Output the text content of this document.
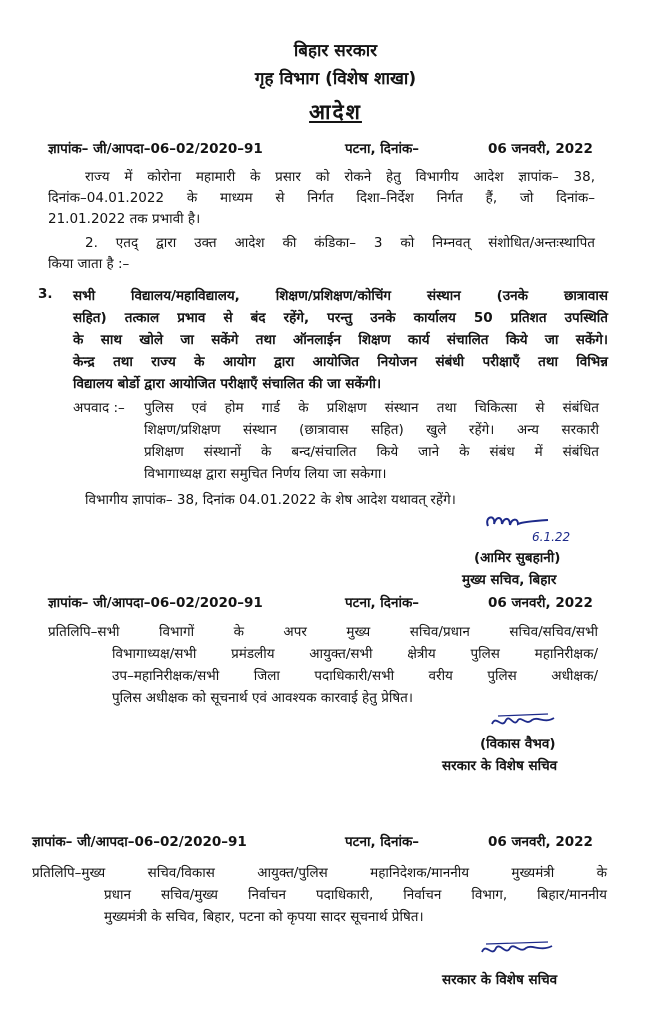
बिहार सरकार
गृह विभाग (विशेष शाखा)
आदेश
ज्ञापांक– जी/आपदा–06–02/2020–91	पटना, दिनांक–	06 जनवरी, 2022
राज्य में कोरोना महामारी के प्रसार को रोकने हेतु विभागीय आदेश ज्ञापांक– 38,
दिनांक–04.01.2022 के माध्यम से निर्गत दिशा–निर्देश निर्गत हैं, जो दिनांक–
21.01.2022 तक प्रभावी है।
2. एतद् द्वारा उक्त आदेश की कंडिका– 3 को निम्नवत् संशोधित/अन्तःस्थापित
किया जाता है :–
3. सभी विद्यालय/महाविद्यालय, शिक्षण/प्रशिक्षण/कोचिंग संस्थान (उनके छात्रावास
सहित) तत्काल प्रभाव से बंद रहेंगे, परन्तु उनके कार्यालय 50 प्रतिशत उपस्थिति
के साथ खोले जा सकेंगे तथा ऑनलाईन शिक्षण कार्य संचालित किये जा सकेंगे।
केन्द्र तथा राज्य के आयोग द्वारा आयोजित नियोजन संबंधी परीक्षाएँ तथा विभिन्न
विद्यालय बोर्डो द्वारा आयोजित परीक्षाएँ संचालित की जा सकेंगी।
अपवाद :– पुलिस एवं होम गार्ड के प्रशिक्षण संस्थान तथा चिकित्सा से संबंधित
शिक्षण/प्रशिक्षण संस्थान (छात्रावास सहित) खुले रहेंगे। अन्य सरकारी
प्रशिक्षण संस्थानों के बन्द/संचालित किये जाने के संबंध में संबंधित
विभागाध्यक्ष द्वारा समुचित निर्णय लिया जा सकेगा।
विभागीय ज्ञापांक– 38, दिनांक 04.01.2022 के शेष आदेश यथावत् रहेंगे।
6.1.22
(आमिर सुबहानी)
मुख्य सचिव, बिहार
ज्ञापांक– जी/आपदा–06–02/2020–91	पटना, दिनांक–	06 जनवरी, 2022
प्रतिलिपि–सभी विभागों के अपर मुख्य सचिव/प्रधान सचिव/सचिव/सभी
विभागाध्यक्ष/सभी प्रमंडलीय आयुक्त/सभी क्षेत्रीय पुलिस महानिरीक्षक/
उप–महानिरीक्षक/सभी जिला पदाधिकारी/सभी वरीय पुलिस अधीक्षक/
पुलिस अधीक्षक को सूचनार्थ एवं आवश्यक कारवाई हेतु प्रेषित।
(विकास वैभव)
सरकार के विशेष सचिव
ज्ञापांक– जी/आपदा–06–02/2020–91	पटना, दिनांक–	06 जनवरी, 2022
प्रतिलिपि–मुख्य सचिव/विकास आयुक्त/पुलिस महानिदेशक/माननीय मुख्यमंत्री के
प्रधान सचिव/मुख्य निर्वाचन पदाधिकारी, निर्वाचन विभाग, बिहार/माननीय
मुख्यमंत्री के सचिव, बिहार, पटना को कृपया सादर सूचनार्थ प्रेषित।
सरकार के विशेष सचिव
